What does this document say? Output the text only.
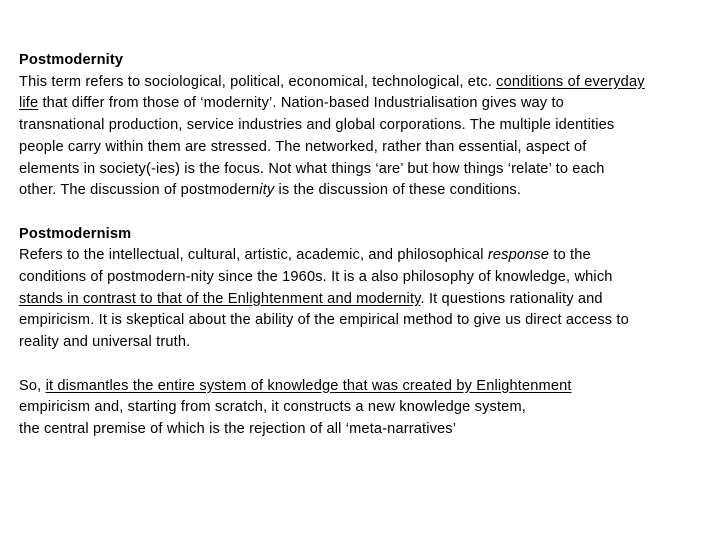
Postmodernity
This term refers to sociological, political, economical, technological, etc. conditions of everyday
life that differ from those of ‘modernity’. Nation-based Industrialisation gives way to
transnational production, service industries and global corporations. The multiple identities
people carry within them are stressed. The networked, rather than essential, aspect of
elements in society(-ies) is the focus. Not what things ‘are’ but how things ‘relate’ to each
other. The discussion of postmodernity is the discussion of these conditions.
Postmodernism
Refers to the intellectual, cultural, artistic, academic, and philosophical response to the
conditions of postmodern-nity since the 1960s. It is a also philosophy of knowledge, which
stands in contrast to that of the Enlightenment and modernity. It questions rationality and
empiricism. It is skeptical about the ability of the empirical method to give us direct access to
reality and universal truth.
So, it dismantles the entire system of knowledge that was created by Enlightenment
empiricism and, starting from scratch, it constructs a new knowledge system,
the central premise of which is the rejection of all ‘meta-narratives’
